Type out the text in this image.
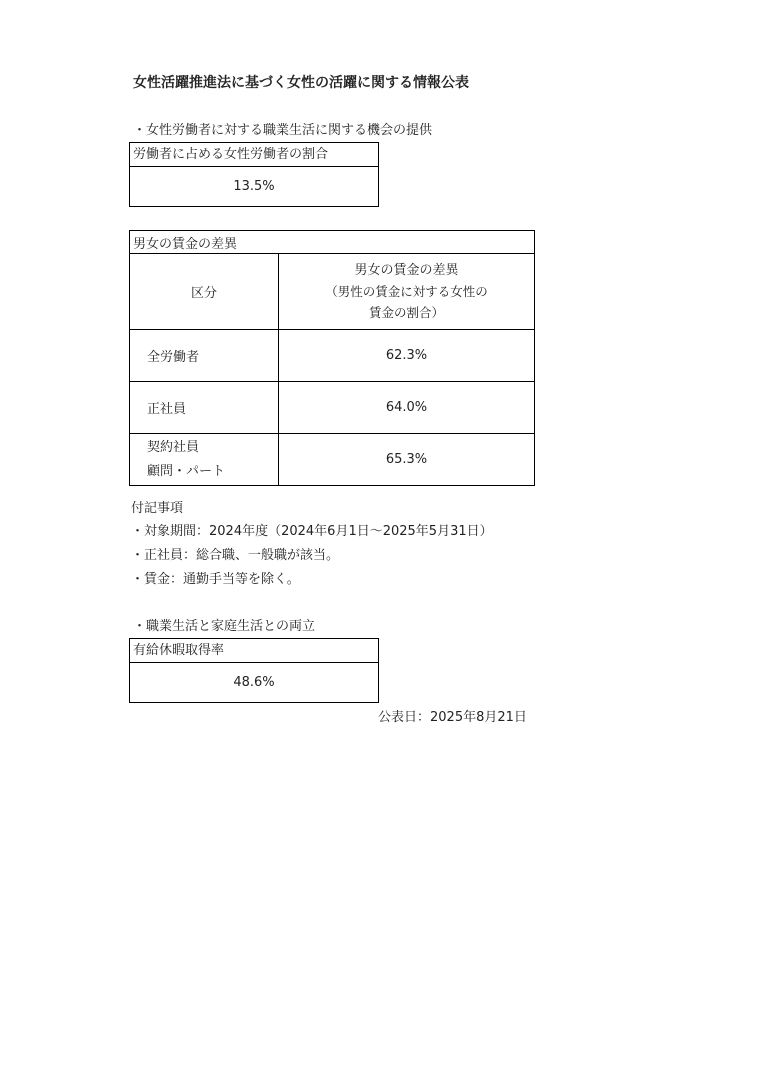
女性活躍推進法に基づく女性の活躍に関する情報公表
・女性労働者に対する職業生活に関する機会の提供
労働者に占める女性労働者の割合
13.5%
男女の賃金の差異	
区分	男女の賃金の差異
（男性の賃金に対する女性の
賃金の割合）

全労働者	62.3%
正社員	64.0%

契約社員
顧問・パート	65.3%
付記事項
・対象期間：2024年度（2024年6月1日～2025年5月31日）
・正社員：総合職、一般職が該当。
・賃金：通勤手当等を除く。
・職業生活と家庭生活との両立
有給休暇取得率
48.6%
公表日：2025年8月21日
